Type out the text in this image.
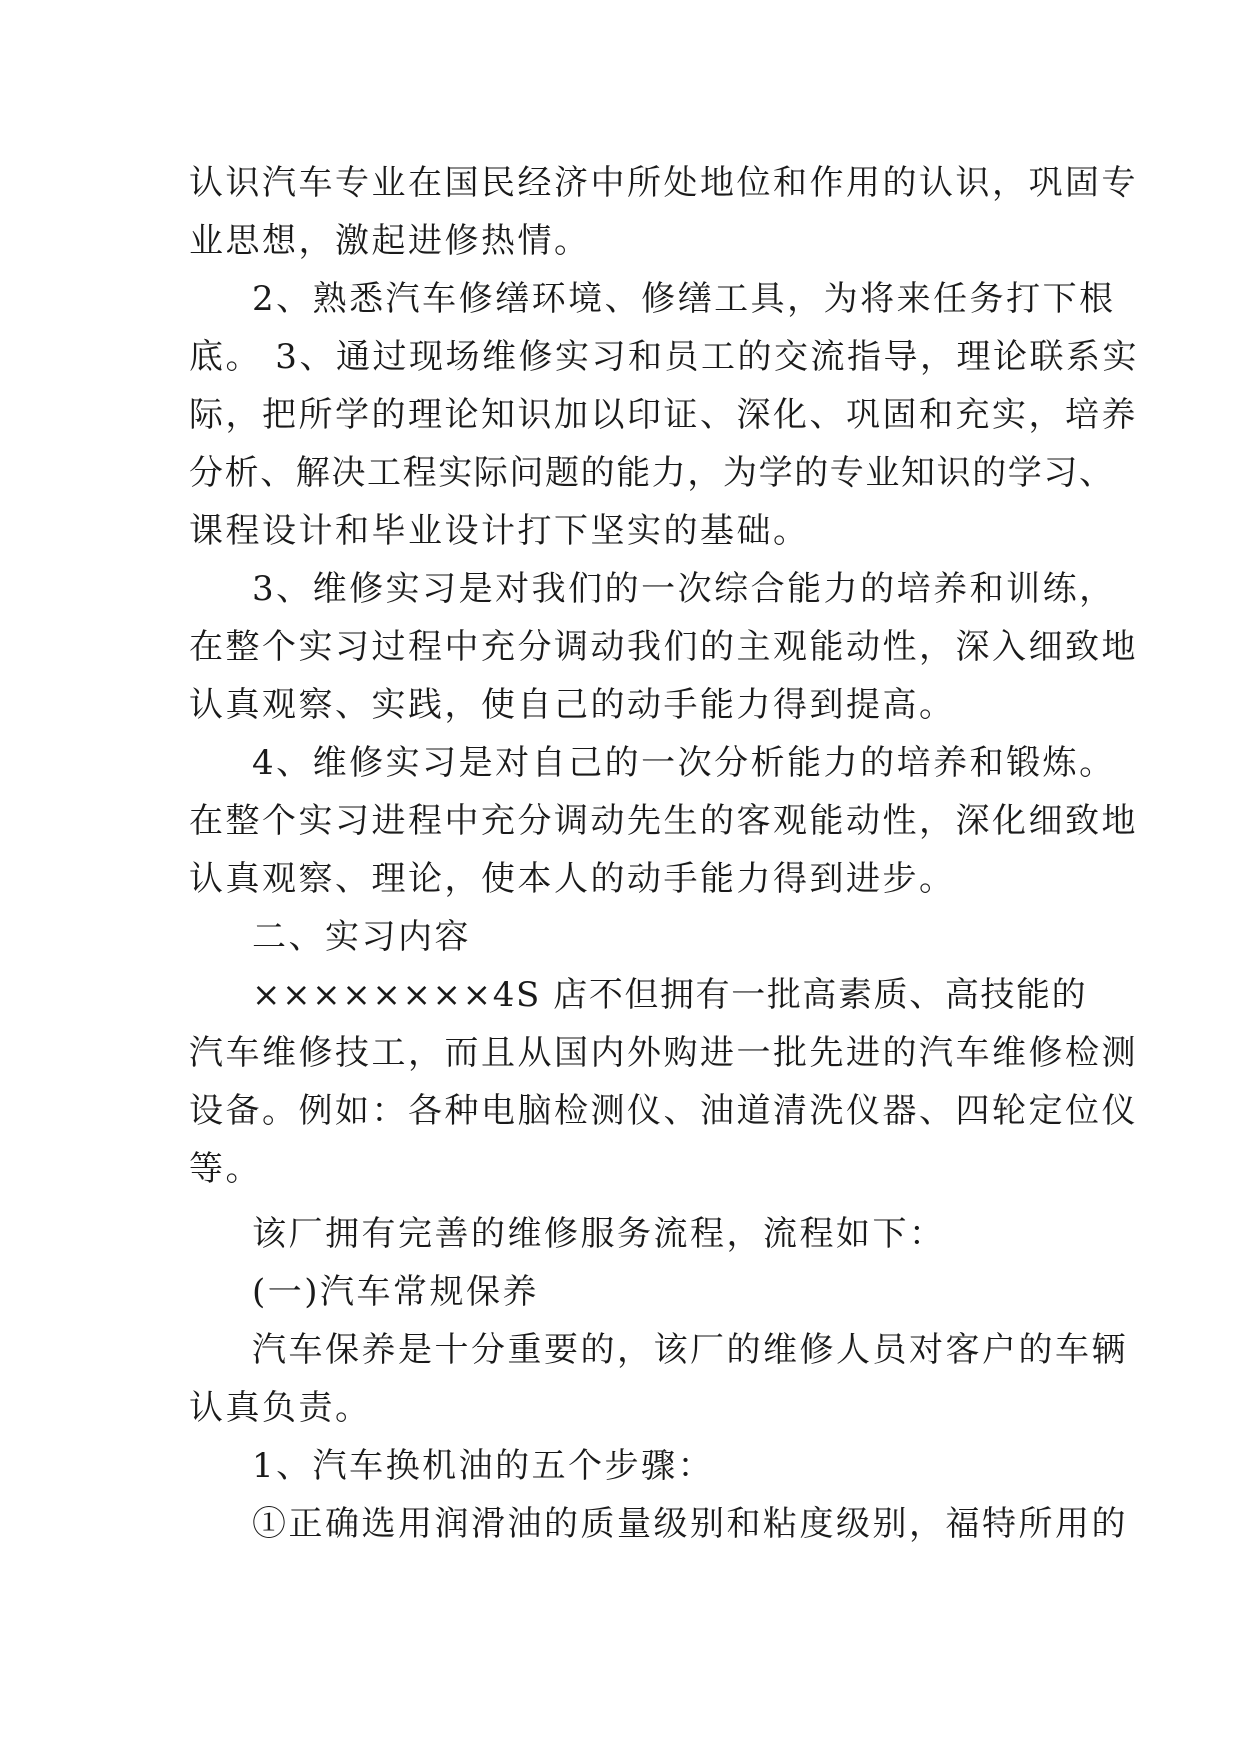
认识汽车专业在国民经济中所处地位和作用的认识，巩固专
业思想，激起进修热情。
2、熟悉汽车修缮环境、修缮工具，为将来任务打下根
底。 3、通过现场维修实习和员工的交流指导，理论联系实
际，把所学的理论知识加以印证、深化、巩固和充实，培养
分析、解决工程实际问题的能力，为学的专业知识的学习、
课程设计和毕业设计打下坚实的基础。
3、维修实习是对我们的一次综合能力的培养和训练，
在整个实习过程中充分调动我们的主观能动性，深入细致地
认真观察、实践，使自己的动手能力得到提高。
4、维修实习是对自己的一次分析能力的培养和锻炼。
在整个实习进程中充分调动先生的客观能动性，深化细致地
认真观察、理论，使本人的动手能力得到进步。
二、实习内容
××××××××4S 店不但拥有一批高素质、高技能的
汽车维修技工，而且从国内外购进一批先进的汽车维修检测
设备。例如：各种电脑检测仪、油道清洗仪器、四轮定位仪
等。
该厂拥有完善的维修服务流程，流程如下：
(一)汽车常规保养
汽车保养是十分重要的，该厂的维修人员对客户的车辆
认真负责。
1、汽车换机油的五个步骤：
①正确选用润滑油的质量级别和粘度级别，福特所用的
